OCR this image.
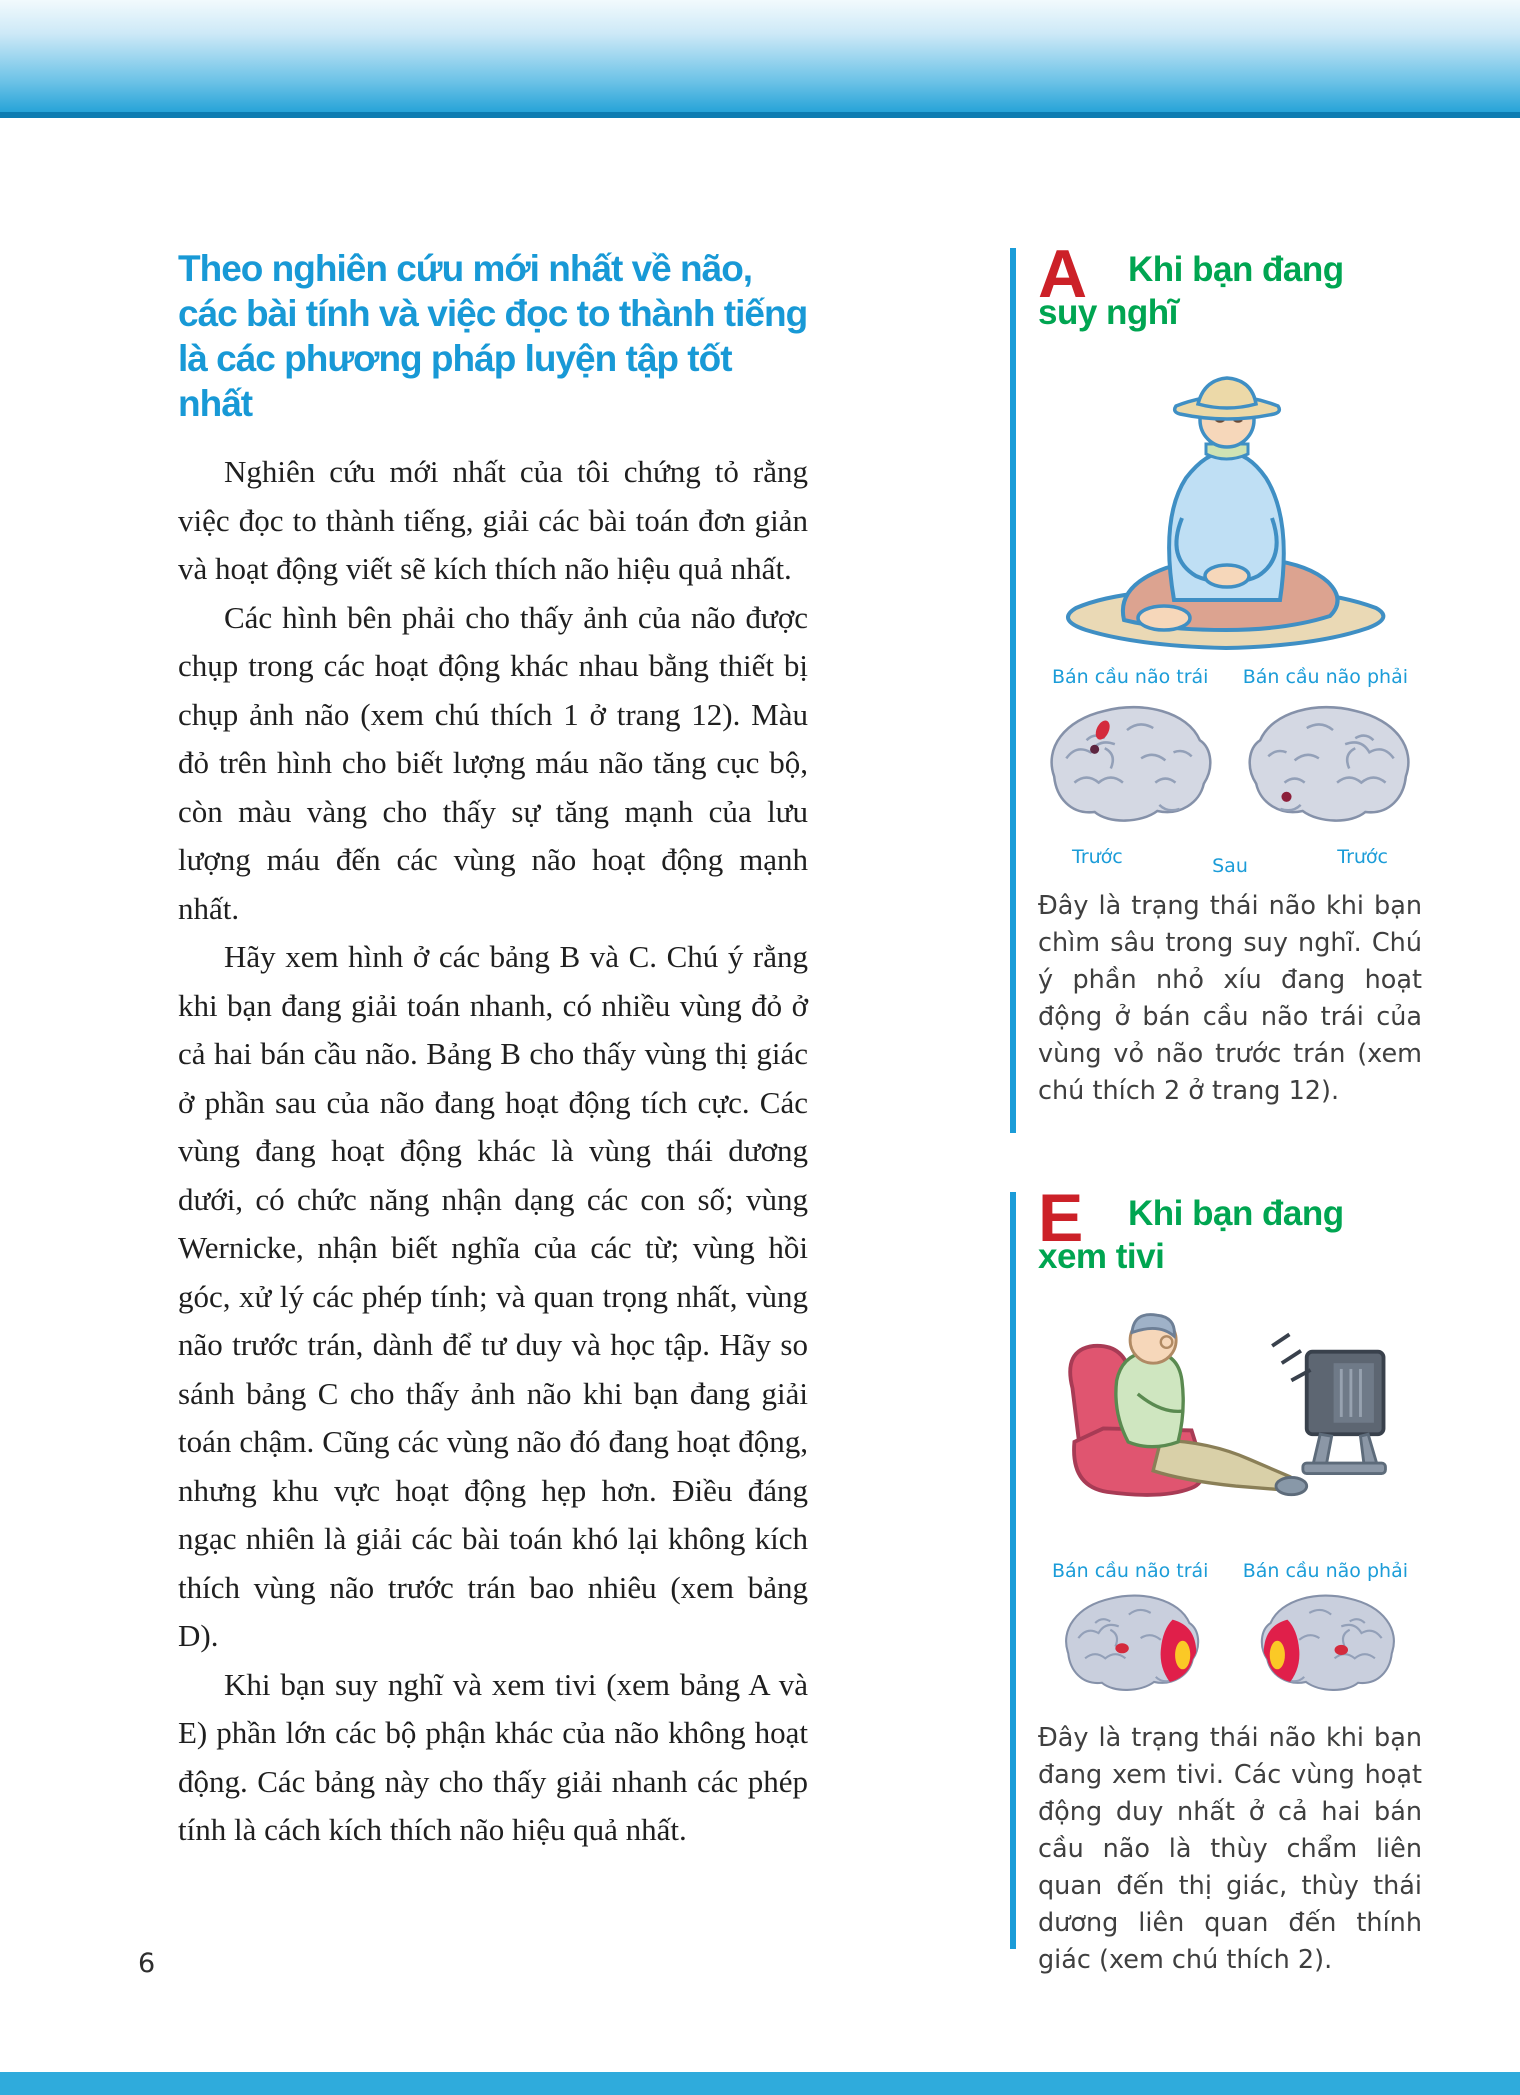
Theo nghiên cứu mới nhất về não,
các bài tính và việc đọc to thành tiếng
là các phương pháp luyện tập tốt nhất

Nghiên cứu mới nhất của tôi chứng tỏ rằng việc đọc to thành tiếng, giải các bài toán đơn giản và hoạt động viết sẽ kích thích não hiệu quả nhất.

Các hình bên phải cho thấy ảnh của não được chụp trong các hoạt động khác nhau bằng thiết bị chụp ảnh não (xem chú thích 1 ở trang 12). Màu đỏ trên hình cho biết lượng máu não tăng cục bộ, còn màu vàng cho thấy sự tăng mạnh của lưu lượng máu đến các vùng não hoạt động mạnh nhất.

Hãy xem hình ở các bảng B và C. Chú ý rằng khi bạn đang giải toán nhanh, có nhiều vùng đỏ ở cả hai bán cầu não. Bảng B cho thấy vùng thị giác ở phần sau của não đang hoạt động tích cực. Các vùng đang hoạt động khác là vùng thái dương dưới, có chức năng nhận dạng các con số; vùng Wernicke, nhận biết nghĩa của các từ; vùng hồi góc, xử lý các phép tính; và quan trọng nhất, vùng não trước trán, dành để tư duy và học tập. Hãy so sánh bảng C cho thấy ảnh não khi bạn đang giải toán chậm. Cũng các vùng não đó đang hoạt động, nhưng khu vực hoạt động hẹp hơn. Điều đáng ngạc nhiên là giải các bài toán khó lại không kích thích vùng não trước trán bao nhiêu (xem bảng D).

Khi bạn suy nghĩ và xem tivi (xem bảng A và E) phần lớn các bộ phận khác của não không hoạt động. Các bảng này cho thấy giải nhanh các phép tính là cách kích thích não hiệu quả nhất.

A	Khi bạn đang
suy nghĩ
Bán cầu não trái Bán cầu não phải
Trước	Sau	Trước
Đây là trạng thái não khi bạn chìm sâu trong suy nghĩ. Chú ý phần nhỏ xíu đang hoạt động ở bán cầu não trái của vùng vỏ não trước trán (xem chú thích 2 ở trang 12).
E	Khi bạn đang
xem tivi
Bán cầu não trái Bán cầu não phải
Đây là trạng thái não khi bạn đang xem tivi. Các vùng hoạt động duy nhất ở cả hai bán cầu não là thùy chẩm liên quan đến thị giác, thùy thái dương liên quan đến thính giác (xem chú thích 2).
6
